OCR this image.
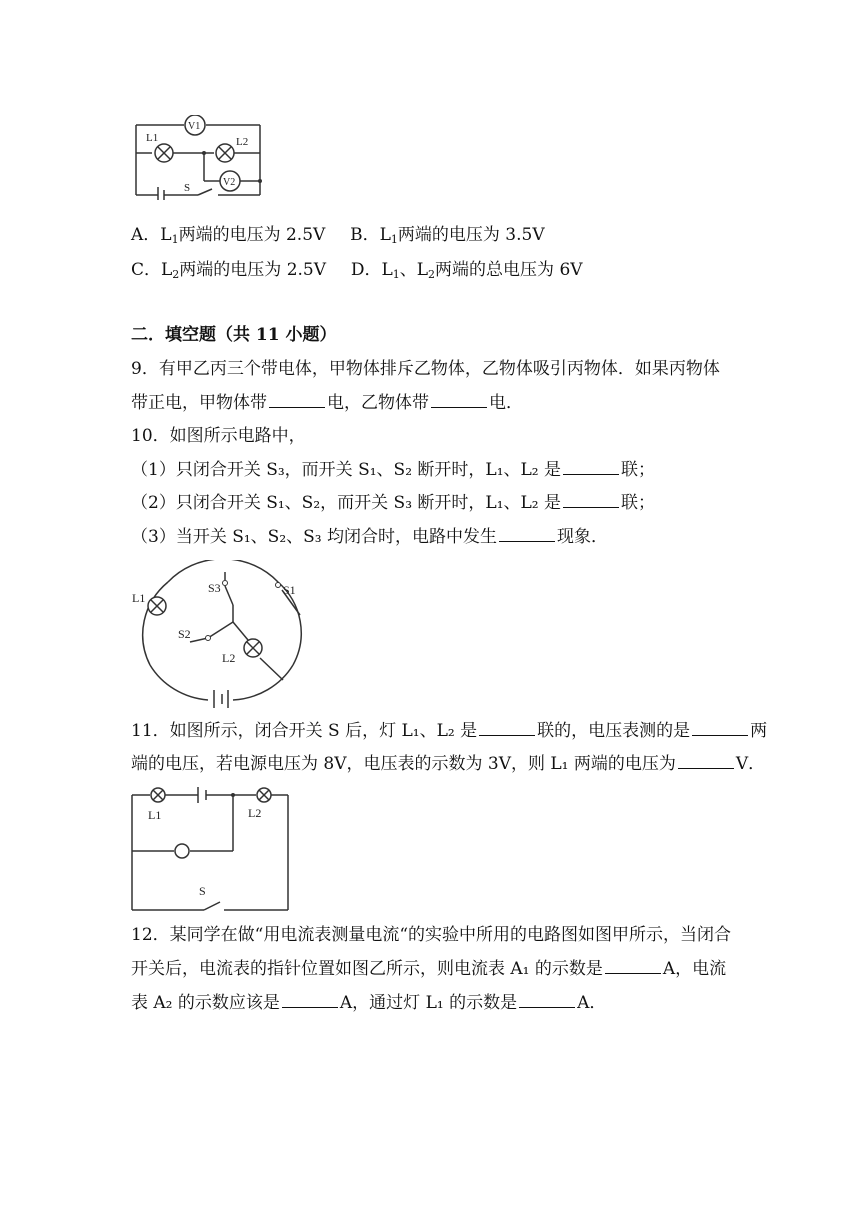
V1
V2
L1	L2
S
A．$L_1$两端的电压为 2.5V B．$L_1$两端的电压为 3.5V
C．$L_2$两端的电压为 2.5V D．$L_1$、$L_2$两端的总电压为 6V
二．填空题（共 11 小题）
9．有甲乙丙三个带电体，甲物体排斥乙物体，乙物体吸引丙物体．如果丙物体
带正电，甲物体带	电，乙物体带	电．
10．如图所示电路中，
（1）只闭合开关 S₃，而开关 S₁、S₂ 断开时，L₁、L₂ 是	联；
（2）只闭合开关 S₁、S₂，而开关 S₃ 断开时，L₁、L₂ 是	联；
（3）当开关 S₁、S₂、S₃ 均闭合时，电路中发生	现象．
L1
L2
S3	S1
S2
11．如图所示，闭合开关 S 后，灯 L₁、L₂ 是	联的，电压表测的是	两
端的电压，若电源电压为 8V，电压表的示数为 3V，则 L₁ 两端的电压为	V．
L1	L2
S
12．某同学在做“用电流表测量电流“的实验中所用的电路图如图甲所示，当闭合
开关后，电流表的指针位置如图乙所示，则电流表 A₁ 的示数是	A，电流
表 A₂ 的示数应该是	A，通过灯 L₁ 的示数是	A．
